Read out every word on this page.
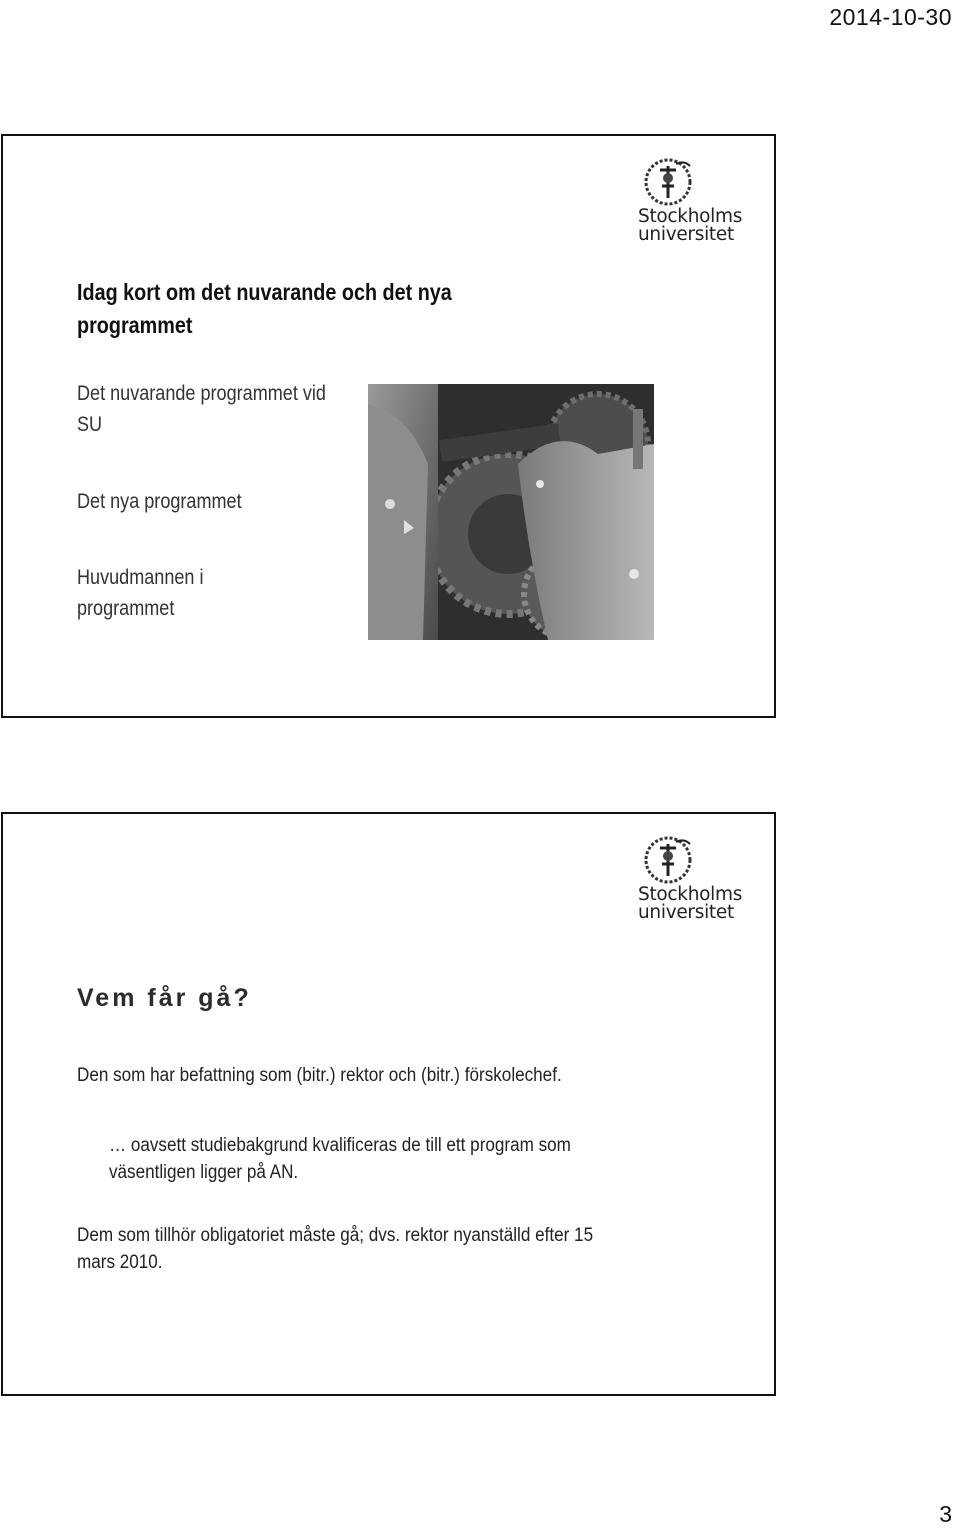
2014-10-30
Stockholms
universitet
Idag kort om det nuvarande och det nya programmet
Det nuvarande programmet vid SU
Det nya programmet
Huvudmannen i programmet
Stockholms
universitet
Vem får gå?
Den som har befattning som (bitr.) rektor och (bitr.) förskolechef.
… oavsett studiebakgrund kvalificeras de till ett program som väsentligen ligger på AN.
Dem som tillhör obligatoriet måste gå; dvs. rektor nyanställd efter 15 mars 2010.
3
